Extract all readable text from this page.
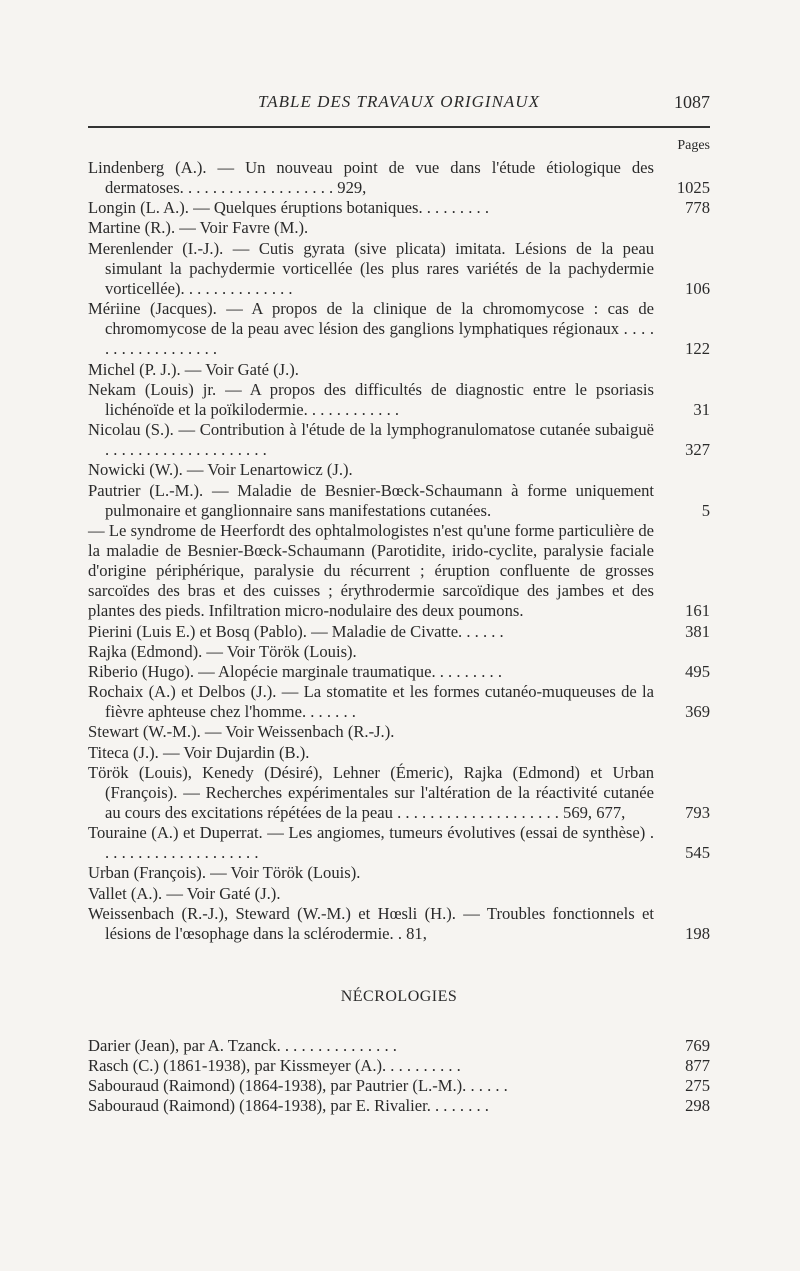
TABLE DES TRAVAUX ORIGINAUX	1087
Pages
Lindenberg (A.). — Un nouveau point de vue dans l'étude étiologique des dermatoses. . . . . . . . . . . . . . . . . . . 929,	1025
Longin (L. A.). — Quelques éruptions botaniques. . . . . . . . .	778
Martine (R.). — Voir Favre (M.).
Merenlender (I.-J.). — Cutis gyrata (sive plicata) imitata. Lésions de la peau simulant la pachydermie vorticellée (les plus rares variétés de la pachydermie vorticellée). . . . . . . . . . . . . .	106
Mériine (Jacques). — A propos de la clinique de la chromomycose : cas de chromomycose de la peau avec lésion des ganglions lymphatiques régionaux . . . . . . . . . . . . . . . . . .	122
Michel (P. J.). — Voir Gaté (J.).
Nekam (Louis) jr. — A propos des difficultés de diagnostic entre le psoriasis lichénoïde et la poïkilodermie. . . . . . . . . . . .	31
Nicolau (S.). — Contribution à l'étude de la lymphogranulomatose cutanée subaiguë . . . . . . . . . . . . . . . . . . . .	327
Nowicki (W.). — Voir Lenartowicz (J.).
Pautrier (L.-M.). — Maladie de Besnier-Bœck-Schaumann à forme uniquement pulmonaire et ganglionnaire sans manifestations cutanées.	5
— Le syndrome de Heerfordt des ophtalmologistes n'est qu'une forme particulière de la maladie de Besnier-Bœck-Schaumann (Parotidite, irido-cyclite, paralysie faciale d'origine périphérique, paralysie du récurrent ; éruption confluente de grosses sarcoïdes des bras et des cuisses ; érythrodermie sarcoïdique des jambes et des plantes des pieds. Infiltration micro-nodulaire des deux poumons.	161
Pierini (Luis E.) et Bosq (Pablo). — Maladie de Civatte. . . . . .	381
Rajka (Edmond). — Voir Török (Louis).
Riberio (Hugo). — Alopécie marginale traumatique. . . . . . . . .	495
Rochaix (A.) et Delbos (J.). — La stomatite et les formes cutanéo-muqueuses de la fièvre aphteuse chez l'homme. . . . . . .	369
Stewart (W.-M.). — Voir Weissenbach (R.-J.).
Titeca (J.). — Voir Dujardin (B.).
Török (Louis), Kenedy (Désiré), Lehner (Émeric), Rajka (Edmond) et Urban (François). — Recherches expérimentales sur l'altération de la réactivité cutanée au cours des excitations répétées de la peau . . . . . . . . . . . . . . . . . . . . 569, 677,	793
Touraine (A.) et Duperrat. — Les angiomes, tumeurs évolutives (essai de synthèse) . . . . . . . . . . . . . . . . . . . .	545
Urban (François). — Voir Török (Louis).
Vallet (A.). — Voir Gaté (J.).
Weissenbach (R.-J.), Steward (W.-M.) et Hœsli (H.). — Troubles fonctionnels et lésions de l'œsophage dans la sclérodermie. . 81,	198
NÉCROLOGIES
Darier (Jean), par A. Tzanck. . . . . . . . . . . . . . .	769
Rasch (C.) (1861-1938), par Kissmeyer (A.). . . . . . . . . .	877
Sabouraud (Raimond) (1864-1938), par Pautrier (L.-M.). . . . . .	275
Sabouraud (Raimond) (1864-1938), par E. Rivalier. . . . . . . .	298
